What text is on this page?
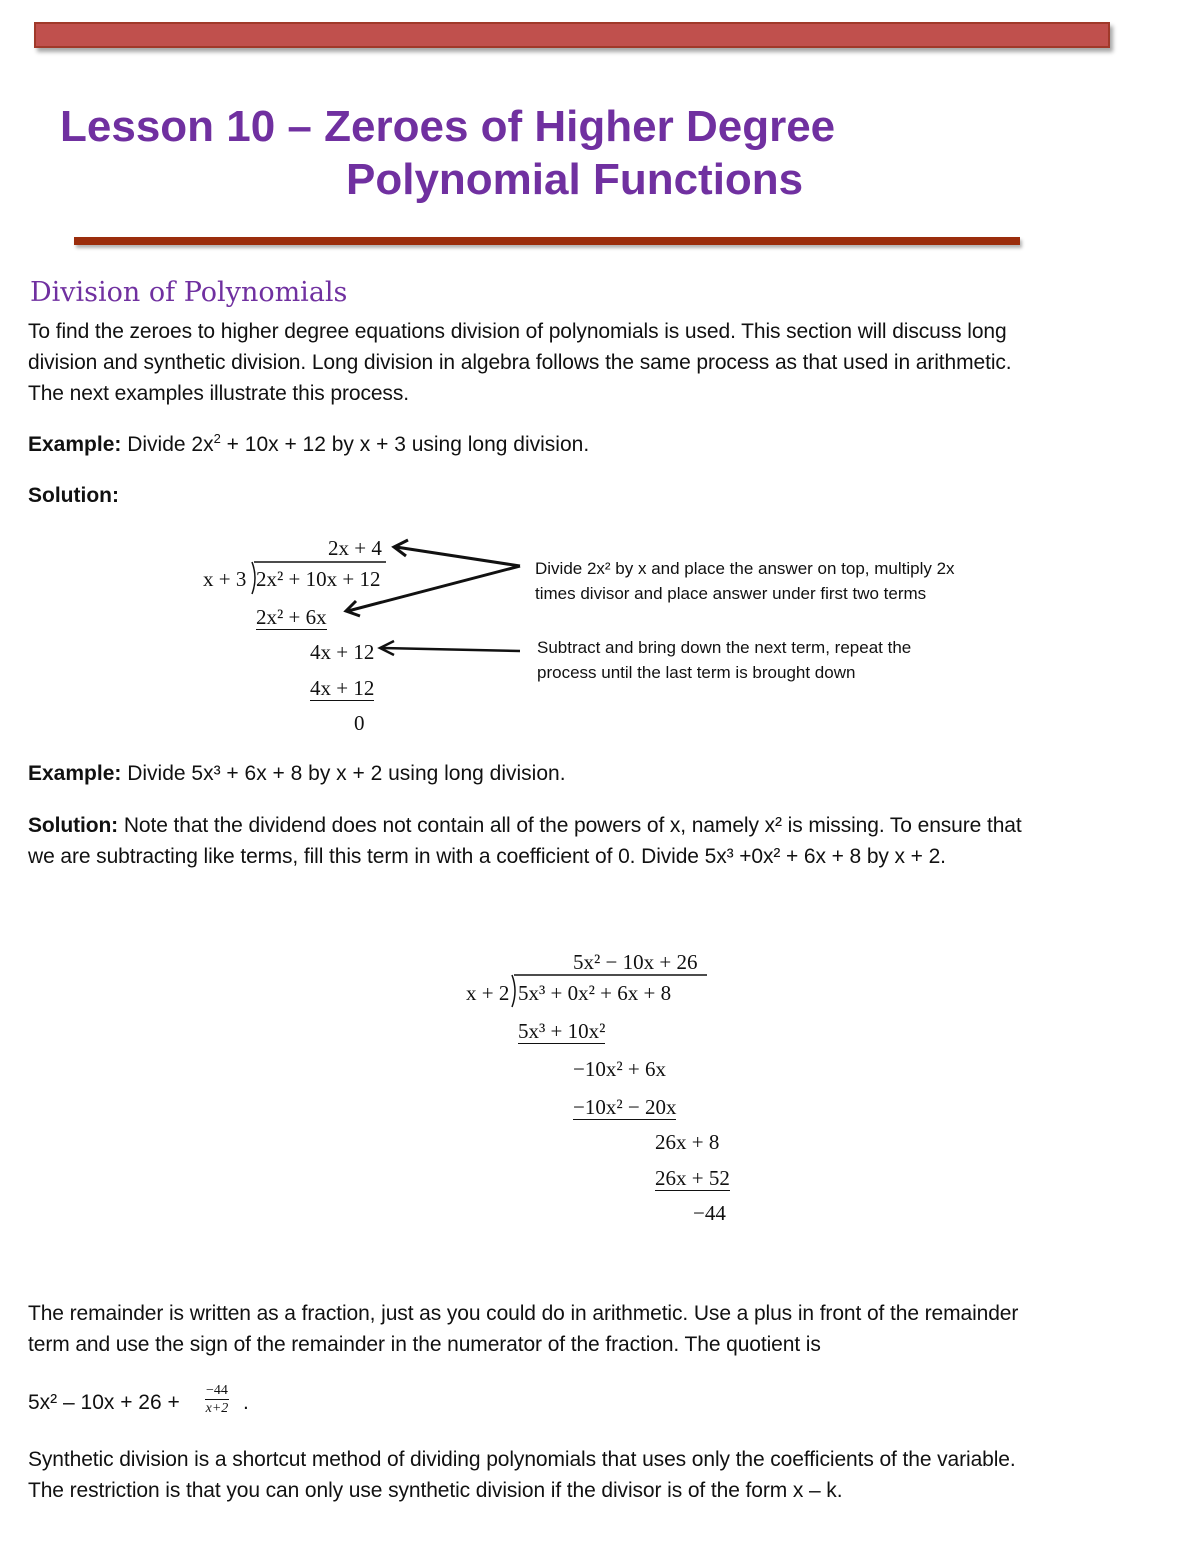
Lesson 10 – Zeroes of Higher Degree
Polynomial Functions
Division of Polynomials
To find the zeroes to higher degree equations division of polynomials is used. This section will discuss long
division and synthetic division. Long division in algebra follows the same process as that used in arithmetic.
The next examples illustrate this process.
Example: Divide $2x^2 + 10x + 12$ by x + 3 using long division.
Solution:
2x + 4
x + 3 2x² + 10x + 12
2x² + 6x
4x + 12
4x + 12
0
Divide 2x² by x and place the answer on top, multiply 2x
times divisor and place answer under first two terms
Subtract and bring down the next term, repeat the
process until the last term is brought down
Example: Divide 5x³ + 6x + 8 by x + 2 using long division.
Solution: Note that the dividend does not contain all of the powers of x, namely x² is missing. To ensure that
we are subtracting like terms, fill this term in with a coefficient of 0. Divide 5x³ +0x² + 6x + 8 by x + 2.
5x² − 10x + 26
x + 2 5x³ + 0x² + 6x + 8
5x³ + 10x²
−10x² + 6x
−10x² − 20x
26x + 8
26x + 52
−44
The remainder is written as a fraction, just as you could do in arithmetic. Use a plus in front of the remainder
term and use the sign of the remainder in the numerator of the fraction. The quotient is
$5x^2 - 10x + 26 + \frac{-44}{x+2}$ .
Synthetic division is a shortcut method of dividing polynomials that uses only the coefficients of the variable.
The restriction is that you can only use synthetic division if the divisor is of the form x – k.
